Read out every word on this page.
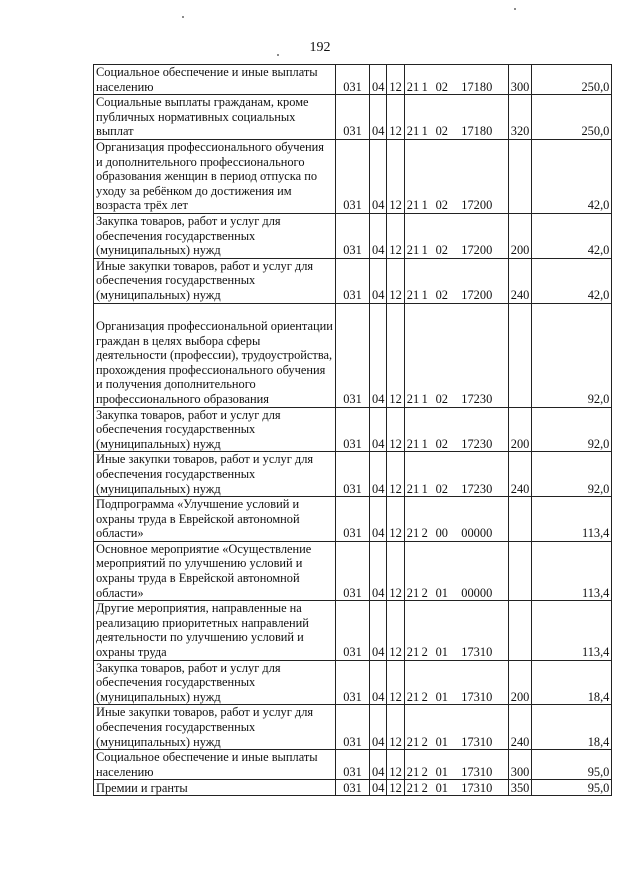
192
Социальное обеспечение и иные выплаты населению	031	04	12	21 1 02 17180	300	250,0
Социальные выплаты гражданам, кроме публичных нормативных социальных выплат	031	04	12	21 1 02 17180	320	250,0
Организация профессионального обучения и дополнительного профессионального образования женщин в период отпуска по уходу за ребёнком до достижения им возраста трёх лет	031	04	12	21 1 02 17200		42,0
Закупка товаров, работ и услуг для обеспечения государственных (муниципальных) нужд	031	04	12	21 1 02 17200	200	42,0
Иные закупки товаров, работ и услуг для обеспечения государственных (муниципальных) нужд	031	04	12	21 1 02 17200	240	42,0
Организация профессиональной ориентации граждан в целях выбора сферы деятельности (профессии), трудоустройства, прохождения профессионального обучения и получения дополнительного профессионального образования	031	04	12	21 1 02 17230		92,0
Закупка товаров, работ и услуг для обеспечения государственных (муниципальных) нужд	031	04	12	21 1 02 17230	200	92,0
Иные закупки товаров, работ и услуг для обеспечения государственных (муниципальных) нужд	031	04	12	21 1 02 17230	240	92,0
Подпрограмма «Улучшение условий и охраны труда в Еврейской автономной области»	031	04	12	21 2 00 00000		113,4
Основное мероприятие «Осуществление мероприятий по улучшению условий и охраны труда в Еврейской автономной области»	031	04	12	21 2 01 00000		113,4
Другие мероприятия, направленные на реализацию приоритетных направлений деятельности по улучшению условий и охраны труда	031	04	12	21 2 01 17310		113,4
Закупка товаров, работ и услуг для обеспечения государственных (муниципальных) нужд	031	04	12	21 2 01 17310	200	18,4
Иные закупки товаров, работ и услуг для обеспечения государственных (муниципальных) нужд	031	04	12	21 2 01 17310	240	18,4
Социальное обеспечение и иные выплаты населению	031	04	12	21 2 01 17310	300	95,0
Премии и гранты	031	04	12	21 2 01 17310	350	95,0
